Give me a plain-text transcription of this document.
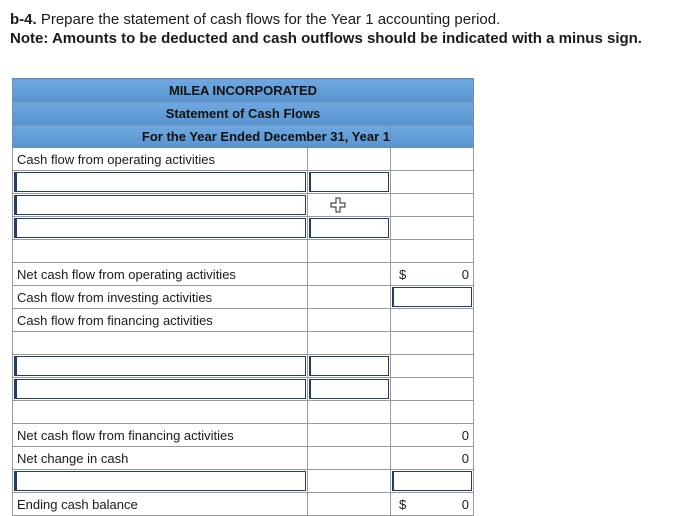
b-4. Prepare the statement of cash flows for the Year 1 accounting period.
Note: Amounts to be deducted and cash outflows should be indicated with a minus sign.
MILEA INCORPORATED		
Statement of Cash Flows		
For the Year Ended December 31, Year 1		
Cash flow from operating activities		

Net cash flow from operating activities		$ 0

Cash flow from investing activities		

Cash flow from financing activities		

Net cash flow from financing activities		0
Net change in cash		0

Ending cash balance		$ 0
